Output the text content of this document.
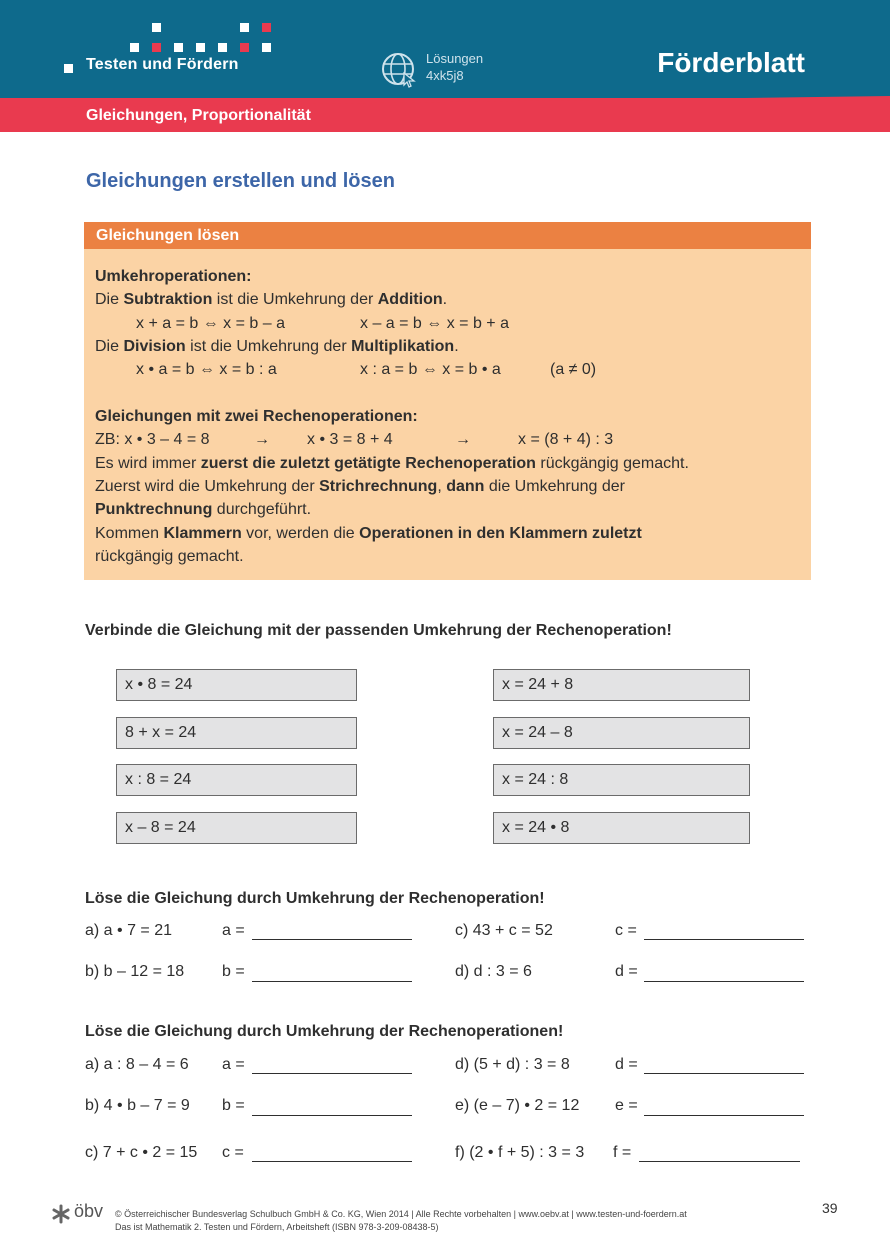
Testen und Fördern	Lösungen
4xk5j8	Förderblatt
Gleichungen, Proportionalität
Gleichungen erstellen und lösen
Gleichungen lösen
Umkehroperationen:
Die Subtraktion ist die Umkehrung der Addition.
x + a = b ⇔ x = b – a	x – a = b ⇔ x = b + a
Die Division ist die Umkehrung der Multiplikation.
x • a = b ⇔ x = b : a	x : a = b ⇔ x = b • a	(a ≠ 0)
Gleichungen mit zwei Rechenoperationen:
ZB: x • 3 – 4 = 8	→ x • 3 = 8 + 4	→	x = (8 + 4) : 3
Es wird immer zuerst die zuletzt getätigte Rechenoperation rückgängig gemacht.
Zuerst wird die Umkehrung der Strichrechnung, dann die Umkehrung der
Punktrechnung durchgeführt.
Kommen Klammern vor, werden die Operationen in den Klammern zuletzt
rückgängig gemacht.
Verbinde die Gleichung mit der passenden Umkehrung der Rechenoperation!
x • 8 = 24
8 + x = 24
x : 8 = 24
x – 8 = 24
x = 24 + 8
x = 24 – 8
x = 24 : 8
x = 24 • 8
Löse die Gleichung durch Umkehrung der Rechenoperation!
a) a • 7 = 21	a =	c) 43 + c = 52	c =
b) b – 12 = 18 b =	d) d : 3 = 6	d =
Löse die Gleichung durch Umkehrung der Rechenoperationen!
a) a : 8 – 4 = 6 a =	d) (5 + d) : 3 = 8	d =
b) 4 • b – 7 = 9 b =	e) (e – 7) • 2 = 12 e =
c) 7 + c • 2 = 15 c =	f) (2 • f + 5) : 3 = 3 f =
öbv © Österreichischer Bundesverlag Schulbuch GmbH & Co. KG, Wien 2014 | Alle Rechte vorbehalten | www.oebv.at | www.testen-und-foerdern.at
Das ist Mathematik 2. Testen und Fördern, Arbeitsheft (ISBN 978-3-209-08438-5)
39
